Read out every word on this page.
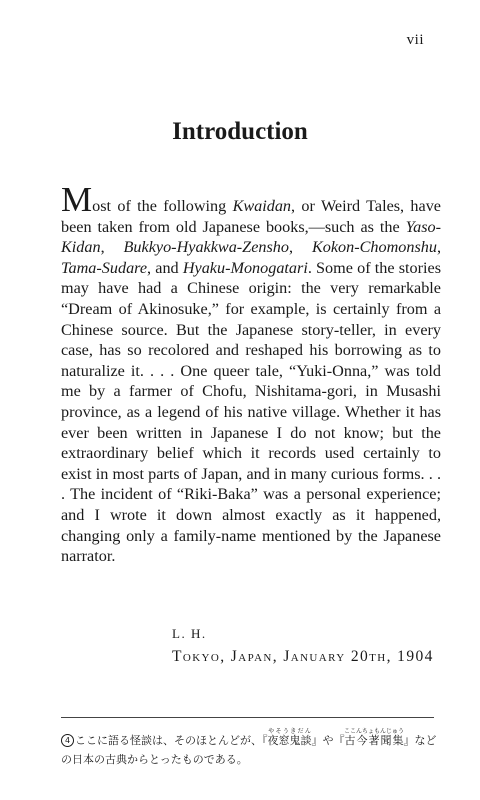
vii
Introduction

Most of the following Kwaidan, or Weird Tales, have been taken from old Japanese books,—such as the Yaso-Kidan, Bukkyo-Hyakkwa-Zensho, Kokon-Chomonshu, Tama-Sudare, and Hyaku-Monogatari. Some of the stories may have had a Chinese origin: the very remarkable “Dream of Akinosuke,” for example, is certainly from a Chinese source. But the Japanese story-teller, in every case, has so recolored and reshaped his borrowing as to naturalize it. . . . One queer tale, “Yuki-Onna,” was told me by a farmer of Chofu, Nishitama-gori, in Musashi province, as a legend of his native village. Whether it has ever been written in Japanese I do not know; but the extraordinary belief which it records used certainly to exist in most parts of Japan, and in many curious forms. . . . The incident of “Riki-Baka” was a personal experience; and I wrote it down almost exactly as it happened, changing only a family-name mentioned by the Japanese narrator.

L. H.
Tokyo, Japan, January 20th, 1904
4 ここに語る怪談は、そのほとんどが、『夜窓鬼談やそうきだん』や『古今著聞集ここんちょもんじゅう』などの日本の古典からとったものである。
